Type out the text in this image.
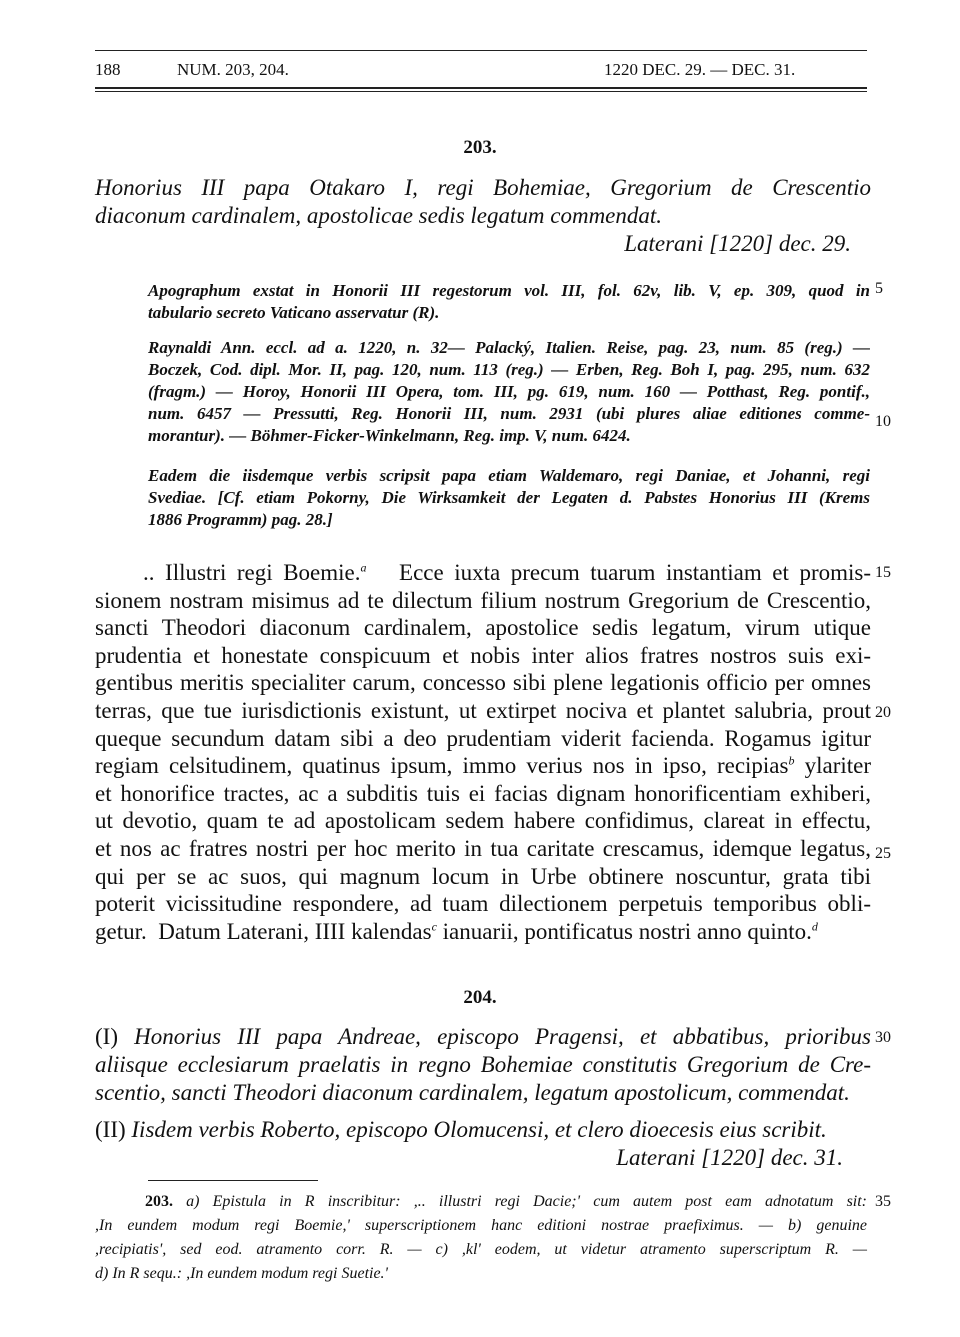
188	NUM. 203, 204.	1220 DEC. 29. — DEC. 31.
203.
Honorius III papa Otakaro I, regi Bohemiae, Gregorium de Crescentio
diaconum cardinalem, apostolicae sedis legatum commendat.
Laterani [1220] dec. 29.
Apographum exstat in Honorii III regestorum vol. III, fol. 62v, lib. V, ep. 309, quod in
tabulario secreto Vaticano asservatur (R).
Raynaldi Ann. eccl. ad a. 1220, n. 32— Palacký, Italien. Reise, pag. 23, num. 85 (reg.) —
Boczek, Cod. dipl. Mor. II, pag. 120, num. 113 (reg.) — Erben, Reg. Boh I, pag. 295, num. 632
(fragm.) — Horoy, Honorii III Opera, tom. III, pg. 619, num. 160 — Potthast, Reg. pontif.,
num. 6457 — Pressutti, Reg. Honorii III, num. 2931 (ubi plures aliae editiones comme-
morantur). — Böhmer-Ficker-Winkelmann, Reg. imp. V, num. 6424.
Eadem die iisdemque verbis scripsit papa etiam Waldemaro, regi Daniae, et Johanni, regi
Svediae. [Cf. etiam Pokorny, Die Wirksamkeit der Legaten d. Pabstes Honorius III (Krems
1886 Programm) pag. 28.]

.. Illustri regi Boemie.$^a$ Ecce iuxta precum tuarum instantiam et promis-

sionem nostram misimus ad te dilectum filium nostrum Gregorium de Crescentio,

sancti Theodori diaconum cardinalem, apostolice sedis legatum, virum utique

prudentia et honestate conspicuum et nobis inter alios fratres nostros suis exi-

gentibus meritis specialiter carum, concesso sibi plene legationis officio per omnes

terras, que tue iurisdictionis existunt, ut extirpet nociva et plantet salubria, prout

queque secundum datam sibi a deo prudentiam viderit facienda. Rogamus igitur

regiam celsitudinem, quatinus ipsum, immo verius nos in ipso, recipias$^b$ ylariter

et honorifice tractes, ac a subditis tuis ei facias dignam honorificentiam exhiberi,

ut devotio, quam te ad apostolicam sedem habere confidimus, clareat in effectu,

et nos ac fratres nostri per hoc merito in tua caritate crescamus, idemque legatus,

qui per se ac suos, qui magnum locum in Urbe obtinere noscuntur, grata tibi

poterit vicissitudine respondere, ad tuam dilectionem perpetuis temporibus obli-

getur.  Datum Laterani, IIII kalendas$^c$ ianuarii, pontificatus nostri anno quinto.$^d$

204.
(I) Honorius III papa Andreae, episcopo Pragensi, et abbatibus, prioribus
aliisque ecclesiarum praelatis in regno Bohemiae constitutis Gregorium de Cre-
scentio, sancti Theodori diaconum cardinalem, legatum apostolicum, commendat.
(II) Iisdem verbis Roberto, episcopo Olomucensi, et clero dioecesis eius scribit.
Laterani [1220] dec. 31.
203. a) Epistula in R inscribitur: ,.. illustri regi Dacie;' cum autem post eam adnotatum sit:
,In eundem modum regi Boemie,' superscriptionem hanc editioni nostrae praefiximus. — b) genuine
,recipiatis', sed eod. atramento corr. R. — c) ,kl' eodem, ut videtur atramento superscriptum R. —
d) In R sequ.: ,In eundem modum regi Suetie.'
5
10
15
20
25
30
35
